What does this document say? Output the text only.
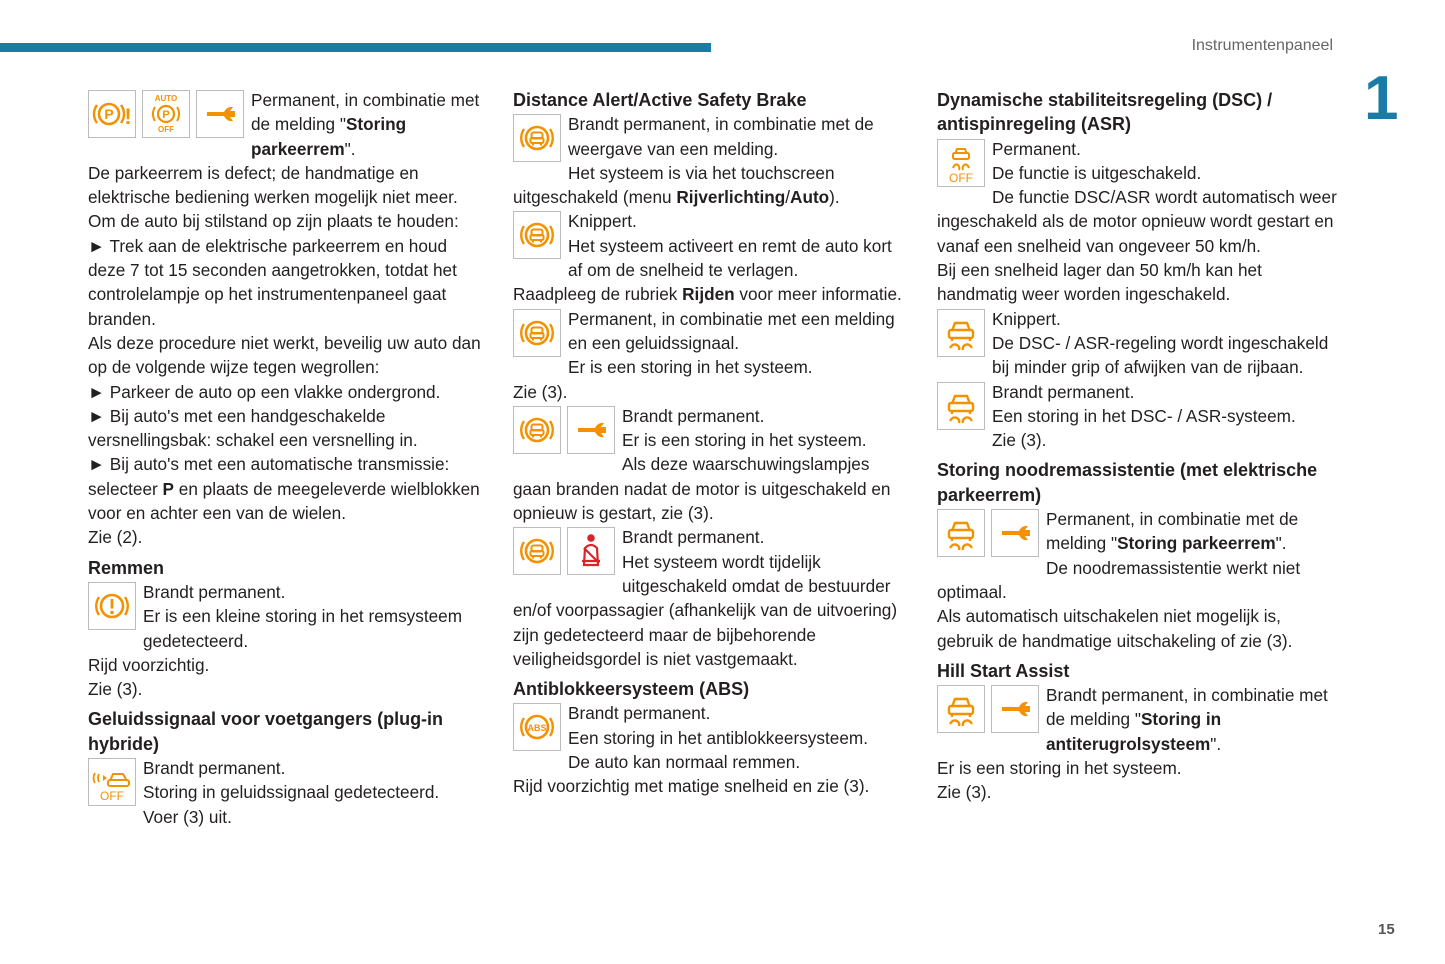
Instrumentenpaneel
1
15
P !
AUTO
P
OFF

Permanent, in combinatie met de melding "Storing parkeerrem".

De parkeerrem is defect; de handmatige en elektrische bediening werken mogelijk niet meer.

Om de auto bij stilstand op zijn plaats te houden:

► Trek aan de elektrische parkeerrem en houd deze 7 tot 15 seconden aangetrokken, totdat het controlelampje op het instrumentenpaneel gaat branden.

Als deze procedure niet werkt, beveilig uw auto dan op de volgende wijze tegen wegrollen:

► Parkeer de auto op een vlakke ondergrond.

► Bij auto's met een handgeschakelde versnellingsbak: schakel een versnelling in.

► Bij auto's met een automatische transmissie: selecteer P en plaats de meegeleverde wielblokken voor en achter een van de wielen.

Zie (2).

Remmen

Brandt permanent.

Er is een kleine storing in het remsysteem gedetecteerd.

Rijd voorzichtig.

Zie (3).

Geluidssignaal voor voetgangers (plug-in hybride)
OFF

Brandt permanent.

Storing in geluidssignaal gedetecteerd.

Voer (3) uit.

Distance Alert/Active Safety Brake

Brandt permanent, in combinatie met de weergave van een melding.

Het systeem is via het touchscreen uitgeschakeld (menu Rijverlichting/Auto).

Knippert.

Het systeem activeert en remt de auto kort af om de snelheid te verlagen.

Raadpleeg de rubriek Rijden voor meer informatie.

Permanent, in combinatie met een melding en een geluidssignaal.

Er is een storing in het systeem.

Zie (3).

Brandt permanent.

Er is een storing in het systeem.

Als deze waarschuwingslampjes gaan branden nadat de motor is uitgeschakeld en opnieuw is gestart, zie (3).

Brandt permanent.

Het systeem wordt tijdelijk uitgeschakeld omdat de bestuurder en/of voorpassagier (afhankelijk van de uitvoering) zijn gedetecteerd maar de bijbehorende veiligheidsgordel is niet vastgemaakt.

Antiblokkeersysteem (ABS)
ABS

Brandt permanent.

Een storing in het antiblokkeersysteem.

De auto kan normaal remmen.

Rijd voorzichtig met matige snelheid en zie (3).

Dynamische stabiliteitsregeling (DSC) / antispinregeling (ASR)
OFF

Permanent.

De functie is uitgeschakeld.

De functie DSC/ASR wordt automatisch weer ingeschakeld als de motor opnieuw wordt gestart en vanaf een snelheid van ongeveer 50 km/h.

Bij een snelheid lager dan 50 km/h kan het handmatig weer worden ingeschakeld.

Knippert.

De DSC- / ASR-regeling wordt ingeschakeld bij minder grip of afwijken van de rijbaan.

Brandt permanent.

Een storing in het DSC- / ASR-systeem.

Zie (3).

Storing noodremassistentie (met elektrische parkeerrem)

Permanent, in combinatie met de melding "Storing parkeerrem".

De noodremassistentie werkt niet optimaal.

Als automatisch uitschakelen niet mogelijk is, gebruik de handmatige uitschakeling of zie (3).

Hill Start Assist

Brandt permanent, in combinatie met de melding "Storing in antiterugrolsysteem".

Er is een storing in het systeem.

Zie (3).
